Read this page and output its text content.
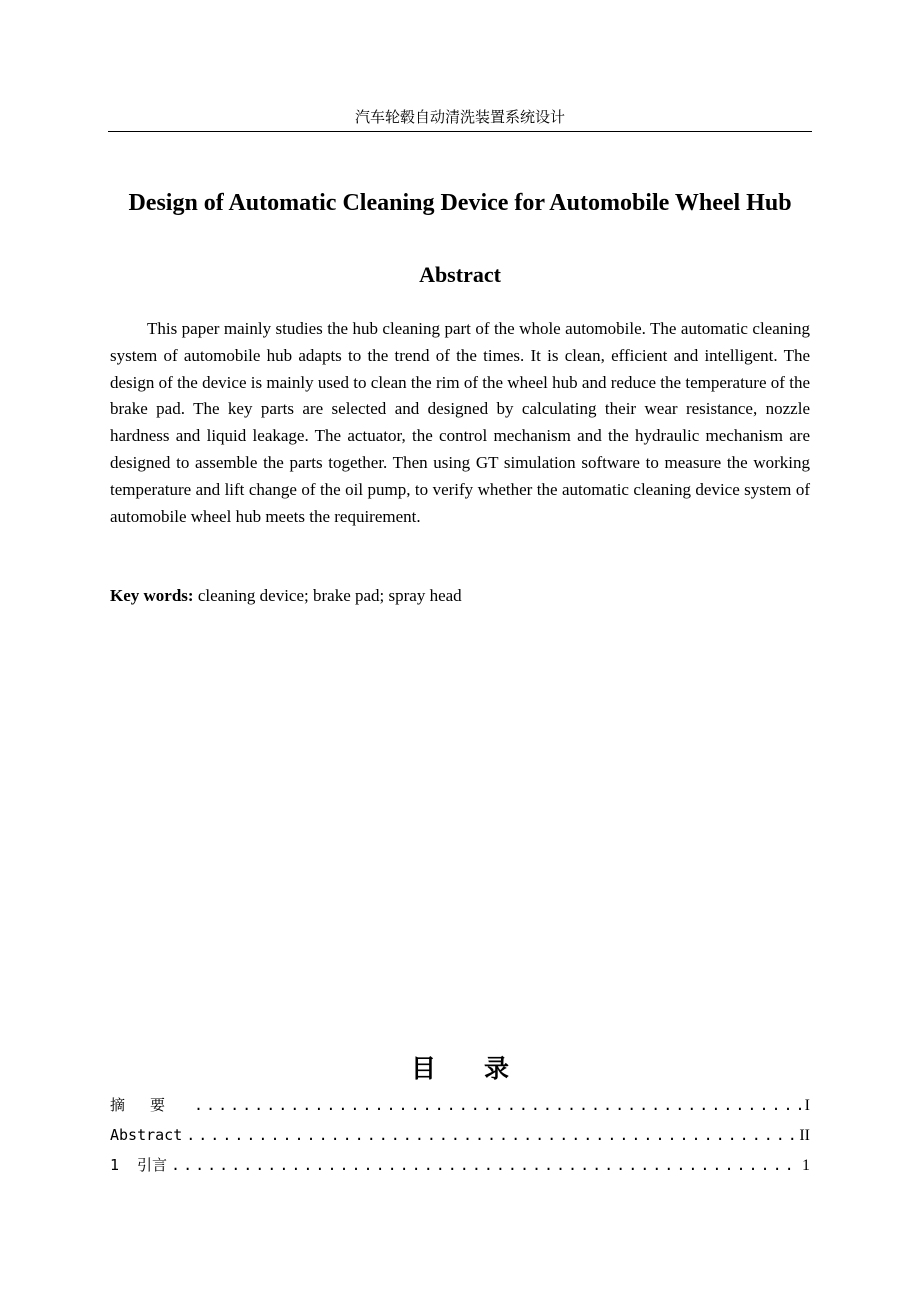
汽车轮毂自动清洗装置系统设计
Design of Automatic Cleaning Device for Automobile Wheel Hub
Abstract

This paper mainly studies the hub cleaning part of the whole automobile. The automatic cleaning system of automobile hub adapts to the trend of the times. It is clean, efficient and intelligent. The design of the device is mainly used to clean the rim of the wheel hub and reduce the temperature of the brake pad. The key parts are selected and designed by calculating their wear resistance, nozzle hardness and liquid leakage. The actuator, the control mechanism and the hydraulic mechanism are designed to assemble the parts together. Then using GT simulation software to measure the working temperature and lift change of the oil pump, to verify whether the automatic cleaning device system of automobile wheel hub meets the requirement.

Key words: cleaning device; brake pad; spray head

目录
摘要 .....	I
Abstract .....	II
1 引言 .....	1
